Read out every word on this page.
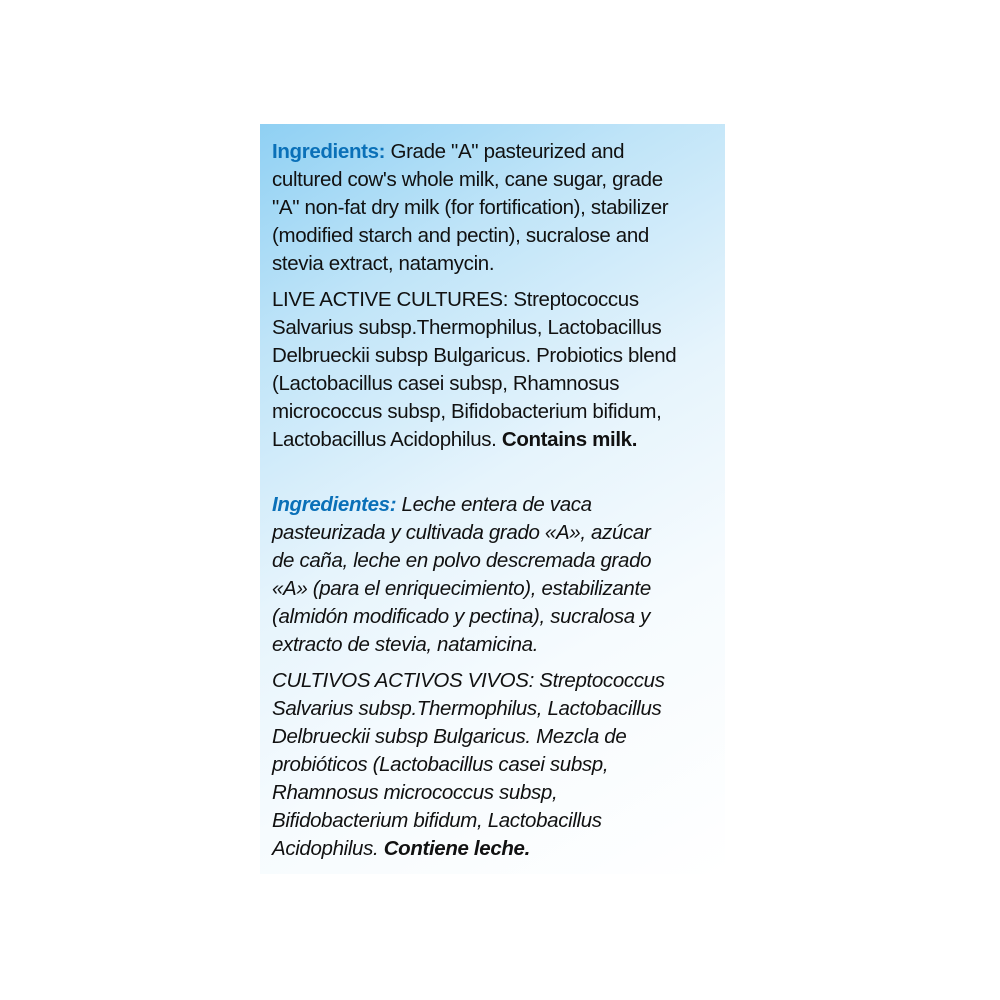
Ingredients: Grade "A" pasteurized and
cultured cow's whole milk, cane sugar, grade
"A" non-fat dry milk (for fortification), stabilizer
(modified starch and pectin), sucralose and
stevia extract, natamycin.

LIVE ACTIVE CULTURES: Streptococcus
Salvarius subsp.Thermophilus, Lactobacillus
Delbrueckii subsp Bulgaricus. Probiotics blend
(Lactobacillus casei subsp, Rhamnosus
micrococcus subsp, Bifidobacterium bifidum,
Lactobacillus Acidophilus. Contains milk.

Ingredientes: Leche entera de vaca
pasteurizada y cultivada grado «A», azúcar
de caña, leche en polvo descremada grado
«A» (para el enriquecimiento), estabilizante
(almidón modificado y pectina), sucralosa y
extracto de stevia, natamicina.

CULTIVOS ACTIVOS VIVOS: Streptococcus
Salvarius subsp.Thermophilus, Lactobacillus
Delbrueckii subsp Bulgaricus. Mezcla de
probióticos (Lactobacillus casei subsp,
Rhamnosus micrococcus subsp,
Bifidobacterium bifidum, Lactobacillus
Acidophilus. Contiene leche.
